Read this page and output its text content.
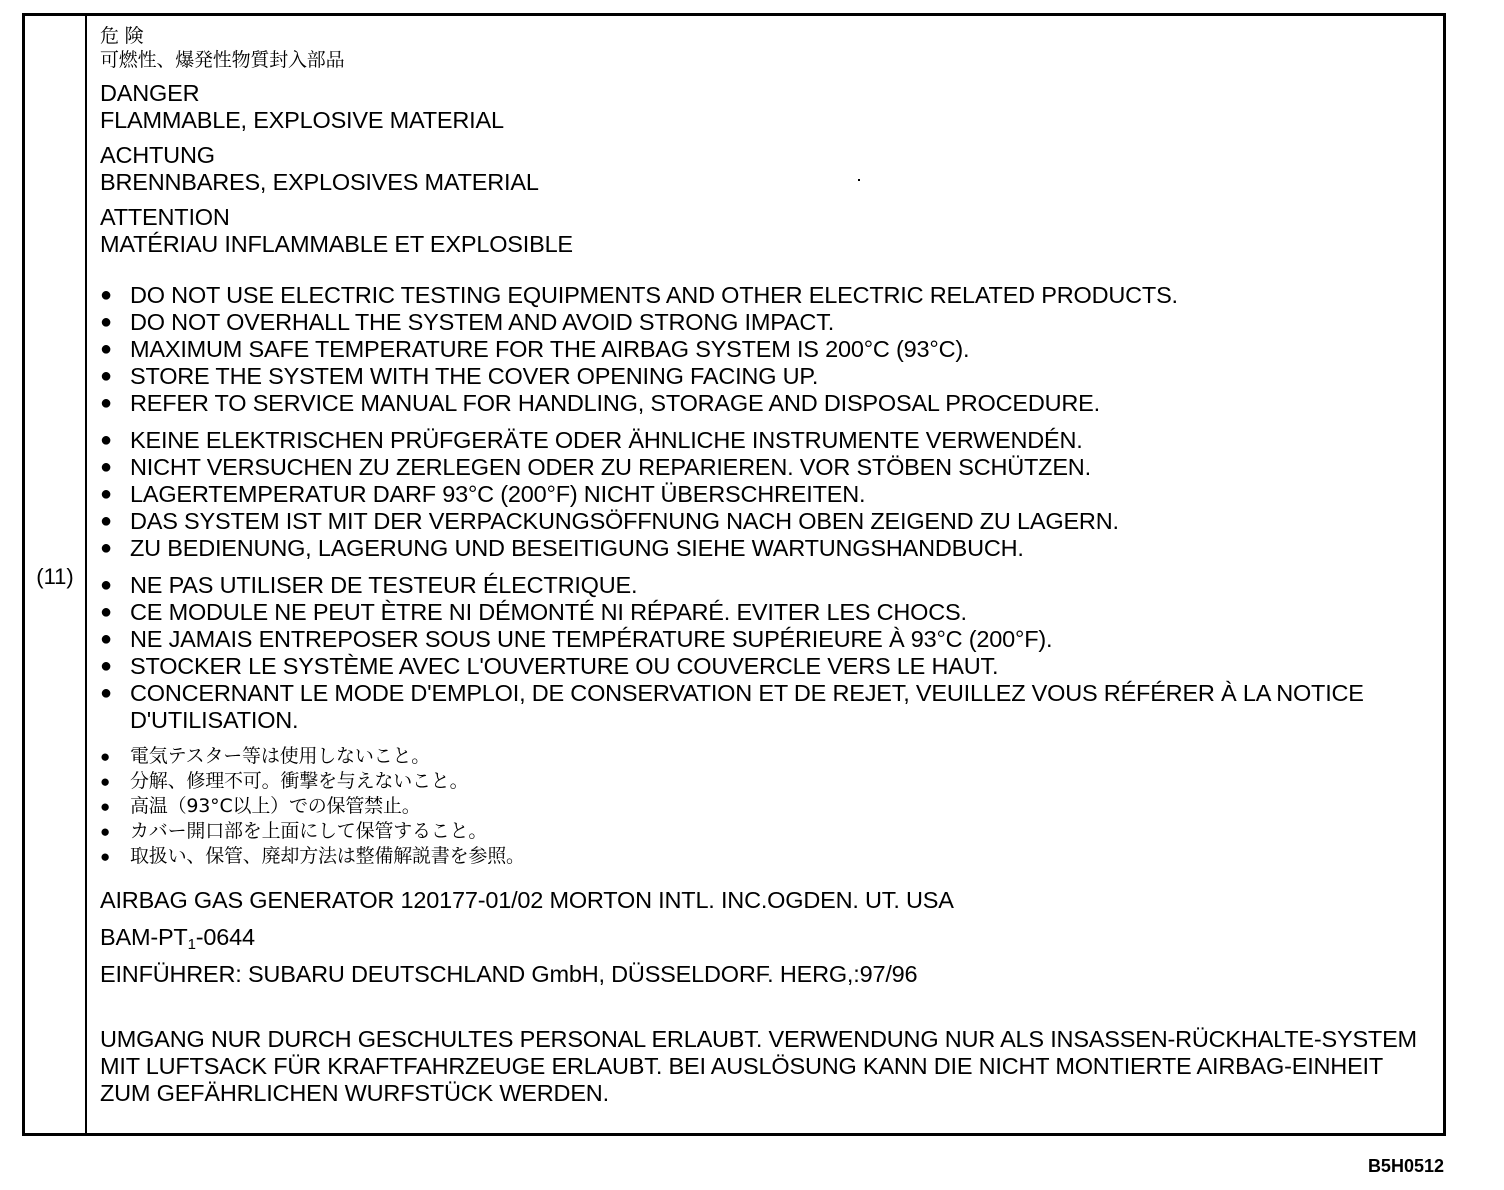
(11)
危 険
可燃性、爆発性物質封入部品
DANGER
FLAMMABLE, EXPLOSIVE MATERIAL
ACHTUNG
BRENNBARES, EXPLOSIVES MATERIAL
ATTENTION
MATÉRIAU INFLAMMABLE ET EXPLOSIBLE
● DO NOT USE ELECTRIC TESTING EQUIPMENTS AND OTHER ELECTRIC RELATED PRODUCTS.
● DO NOT OVERHALL THE SYSTEM AND AVOID STRONG IMPACT.
● MAXIMUM SAFE TEMPERATURE FOR THE AIRBAG SYSTEM IS 200°C (93°C).
● STORE THE SYSTEM WITH THE COVER OPENING FACING UP.
● REFER TO SERVICE MANUAL FOR HANDLING, STORAGE AND DISPOSAL PROCEDURE.
● KEINE ELEKTRISCHEN PRÜFGERÄTE ODER ÄHNLICHE INSTRUMENTE VERWENDÉN.
● NICHT VERSUCHEN ZU ZERLEGEN ODER ZU REPARIEREN. VOR STÖBEN SCHÜTZEN.
● LAGERTEMPERATUR DARF 93°C (200°F) NICHT ÜBERSCHREITEN.
● DAS SYSTEM IST MIT DER VERPACKUNGSÖFFNUNG NACH OBEN ZEIGEND ZU LAGERN.
● ZU BEDIENUNG, LAGERUNG UND BESEITIGUNG SIEHE WARTUNGSHANDBUCH.
● NE PAS UTILISER DE TESTEUR ÉLECTRIQUE.
● CE MODULE NE PEUT ÈTRE NI DÉMONTÉ NI RÉPARÉ. EVITER LES CHOCS.
● NE JAMAIS ENTREPOSER SOUS UNE TEMPÉRATURE SUPÉRIEURE À 93°C (200°F).
● STOCKER LE SYSTÈME AVEC L'OUVERTURE OU COUVERCLE VERS LE HAUT.
● CONCERNANT LE MODE D'EMPLOI, DE CONSERVATION ET DE REJET, VEUILLEZ VOUS RÉFÉRER À LA NOTICE D'UTILISATION.
●	電気テスター等は使用しないこと。
●	分解、修理不可。衝撃を与えないこと。
●	高温（93°C以上）での保管禁止。
●	カバー開口部を上面にして保管すること。
●	取扱い、保管、廃却方法は整備解説書を参照。
AIRBAG GAS GENERATOR 120177-01/02 MORTON INTL. INC.OGDEN. UT. USA
BAM-$PT_1-0644$
EINFÜHRER: SUBARU DEUTSCHLAND GmbH, DÜSSELDORF. HERG,:97/96
UMGANG NUR DURCH GESCHULTES PERSONAL ERLAUBT. VERWENDUNG NUR ALS INSASSEN-RÜCKHALTE-SYSTEM MIT LUFTSACK FÜR KRAFTFAHRZEUGE ERLAUBT. BEI AUSLÖSUNG KANN DIE NICHT MONTIERTE AIRBAG-EINHEIT ZUM GEFÄHRLICHEN WURFSTÜCK WERDEN.
B5H0512
